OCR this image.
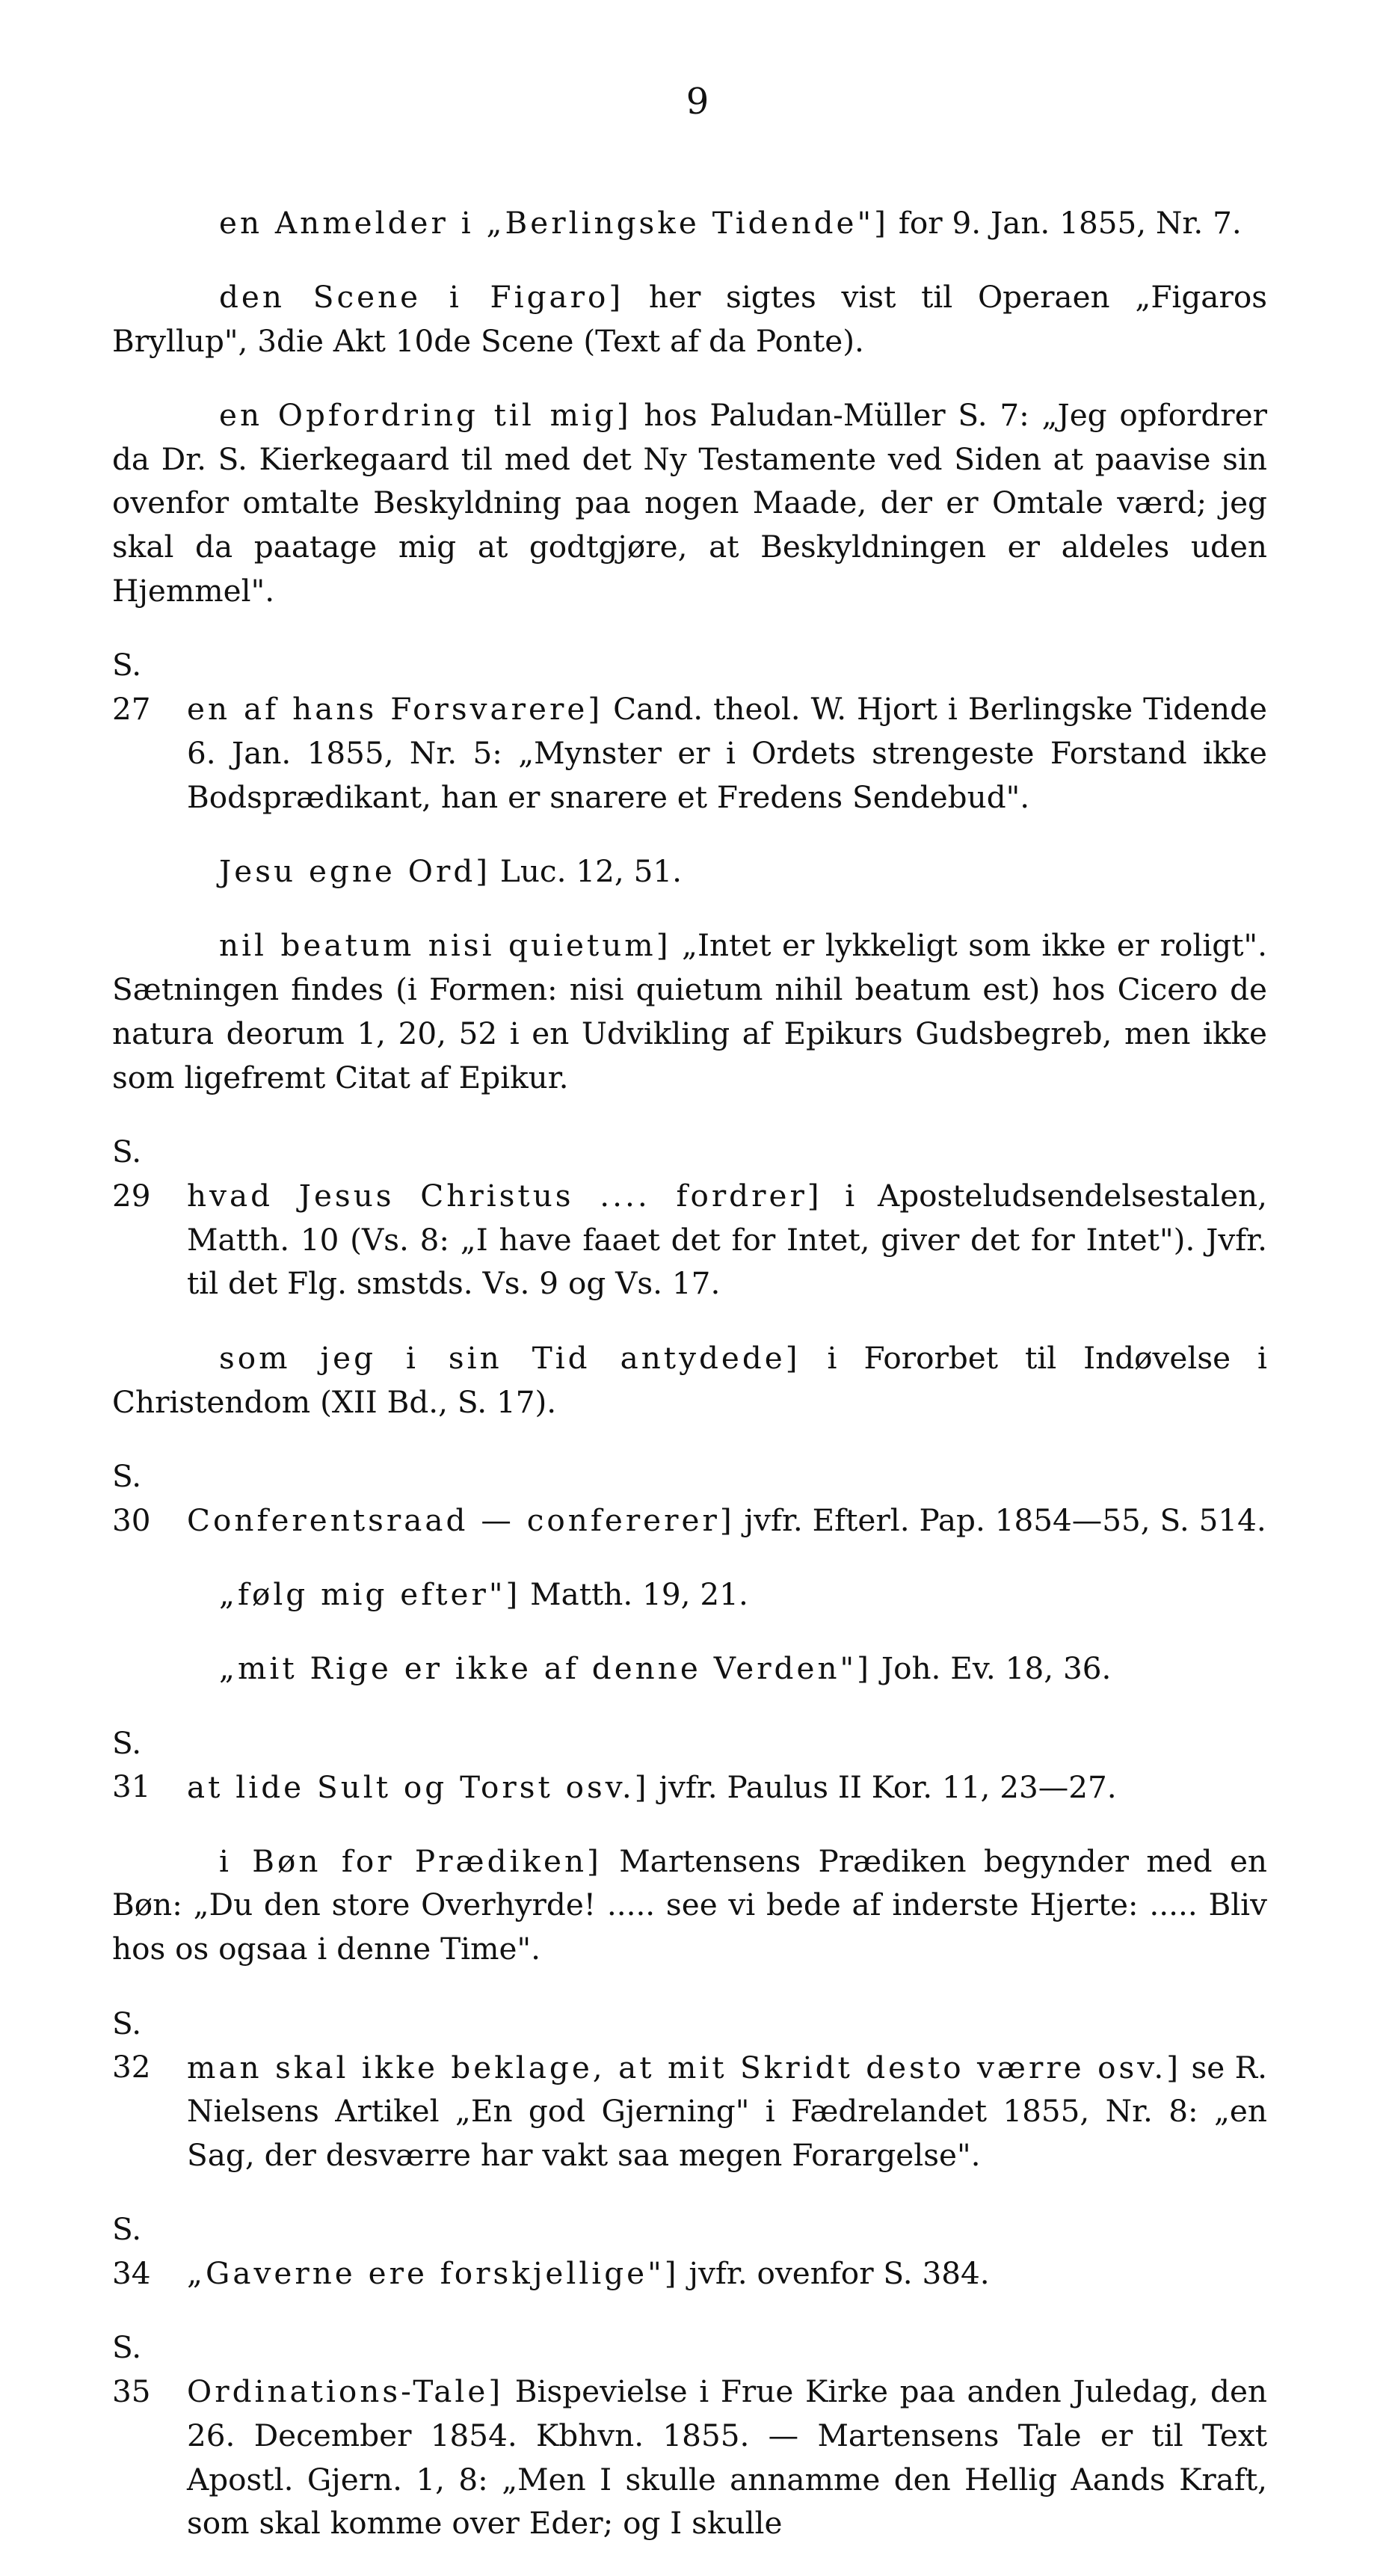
9

en Anmelder i „Berlingske Tidende"] for 9. Jan. 1855, Nr. 7.

den Scene i Figaro] her sigtes vist til Operaen „Figaros Bryllup", 3die Akt 10de Scene (Text af da Ponte).

en Opfordring til mig] hos Paludan-Müller S. 7: „Jeg opfordrer da Dr. S. Kierkegaard til med det Ny Testamente ved Siden at paavise sin ovenfor omtalte Beskyldning paa nogen Maade, der er Omtale værd; jeg skal da paatage mig at godtgjøre, at Beskyldningen er aldeles uden Hjemmel".

S. 27 en af hans Forsvarere] Cand. theol. W. Hjort i Berlingske Tidende 6. Jan. 1855, Nr. 5: „Mynster er i Ordets strengeste Forstand ikke Bodsprædikant, han er snarere et Fredens Sendebud".

Jesu egne Ord] Luc. 12, 51.

nil beatum nisi quietum] „Intet er lykkeligt som ikke er roligt". Sætningen findes (i Formen: nisi quietum nihil beatum est) hos Cicero de natura deorum 1, 20, 52 i en Udvikling af Epikurs Gudsbegreb, men ikke som ligefremt Citat af Epikur.

S. 29 hvad Jesus Christus .... fordrer] i Aposteludsendelsestalen, Matth. 10 (Vs. 8: „I have faaet det for Intet, giver det for Intet"). Jvfr. til det Flg. smstds. Vs. 9 og Vs. 17.

som jeg i sin Tid antydede] i Fororbet til Indøvelse i Christendom (XII Bd., S. 17).

S. 30 Conferentsraad — confererer] jvfr. Efterl. Pap. 1854—55, S. 514.

„følg mig efter"] Matth. 19, 21.

„mit Rige er ikke af denne Verden"] Joh. Ev. 18, 36.

S. 31 at lide Sult og Torst osv.] jvfr. Paulus II Kor. 11, 23—27.

i Bøn for Prædiken] Martensens Prædiken begynder med en Bøn: „Du den store Overhyrde! ..... see vi bede af inderste Hjerte: ..... Bliv hos os ogsaa i denne Time".

S. 32 man skal ikke beklage, at mit Skridt desto værre osv.] se R. Nielsens Artikel „En god Gjerning" i Fædrelandet 1855, Nr. 8: „en Sag, der desværre har vakt saa megen Forargelse".

S. 34 „Gaverne ere forskjellige"] jvfr. ovenfor S. 384.

S. 35 Ordinations-Tale] Bispevielse i Frue Kirke paa anden Juledag, den 26. December 1854. Kbhvn. 1855. — Martensens Tale er til Text Apostl. Gjern. 1, 8: „Men I skulle annamme den Hellig Aands Kraft, som skal komme over Eder; og I skulle
